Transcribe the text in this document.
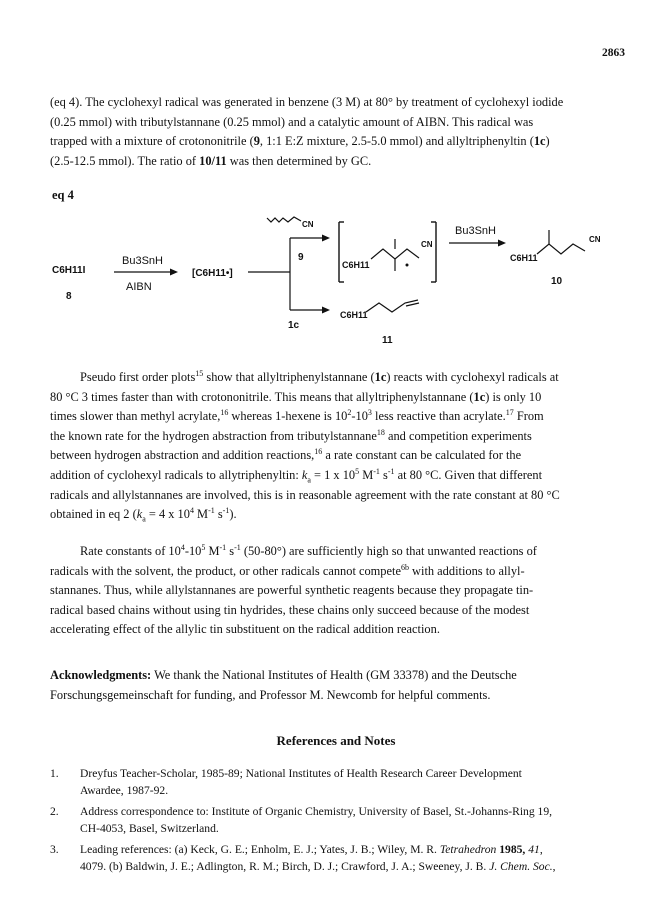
2863
(eq 4). The cyclohexyl radical was generated in benzene (3 M) at 80° by treatment of cyclohexyl iodide
(0.25 mmol) with tributylstannane (0.25 mmol) and a catalytic amount of AIBN. This radical was
trapped with a mixture of crotononitrile (9, 1:1 E:Z mixture, 2.5-5.0 mmol) and allyltriphenyltin (1c)
(2.5-12.5 mmol). The ratio of 10/11 was then determined by GC.
eq 4
C6H11I
8
Bu3SnH
AIBN
[C6H11•]
9
1c
CN
C6H11
CN
Bu3SnH
C6H11
CN
10
C6H11
11
Pseudo first order plots$^{15}$ show that allyltriphenylstannane (1c) reacts with cyclohexyl radicals at
80 °C 3 times faster than with crotononitrile. This means that allyltriphenylstannane (1c) is only 10
times slower than methyl acrylate,$^{16}$ whereas 1-hexene is $10^2-10^3$ less reactive than acrylate.$^{17}$ From
the known rate for the hydrogen abstraction from tributylstannane$^{18}$ and competition experiments
between hydrogen abstraction and addition reactions,$^{16}$ a rate constant can be calculated for the
addition of cyclohexyl radicals to allytriphenyltin: $k_a = 1$ x $10^5$ $M^{-1}$ $s^{-1}$ at 80 °C. Given that different
radicals and allylstannanes are involved, this is in reasonable agreement with the rate constant at 80 °C
obtained in eq 2 ($k_a = 4$ x $10^4$ $M^{-1}$ $s^{-1}$).
Rate constants of $10^4-10^5$ $M^{-1}$ $s^{-1}$ (50-80°) are sufficiently high so that unwanted reactions of
radicals with the solvent, the product, or other radicals cannot compete$^{6b}$ with additions to allyl-
stannanes. Thus, while allylstannanes are powerful synthetic reagents because they propagate tin-
radical based chains without using tin hydrides, these chains only succeed because of the modest
accelerating effect of the allylic tin substituent on the radical addition reaction.
Acknowledgments: We thank the National Institutes of Health (GM 33378) and the Deutsche
Forschungsgemeinschaft for funding, and Professor M. Newcomb for helpful comments.
References and Notes
1. Dreyfus Teacher-Scholar, 1985-89; National Institutes of Health Research Career Development
Awardee, 1987-92.
2. Address correspondence to: Institute of Organic Chemistry, University of Basel, St.-Johanns-Ring 19,
CH-4053, Basel, Switzerland.
3. Leading references: (a) Keck, G. E.; Enholm, E. J.; Yates, J. B.; Wiley, M. R. Tetrahedron 1985, 41,
4079. (b) Baldwin, J. E.; Adlington, R. M.; Birch, D. J.; Crawford, J. A.; Sweeney, J. B. J. Chem. Soc.,
